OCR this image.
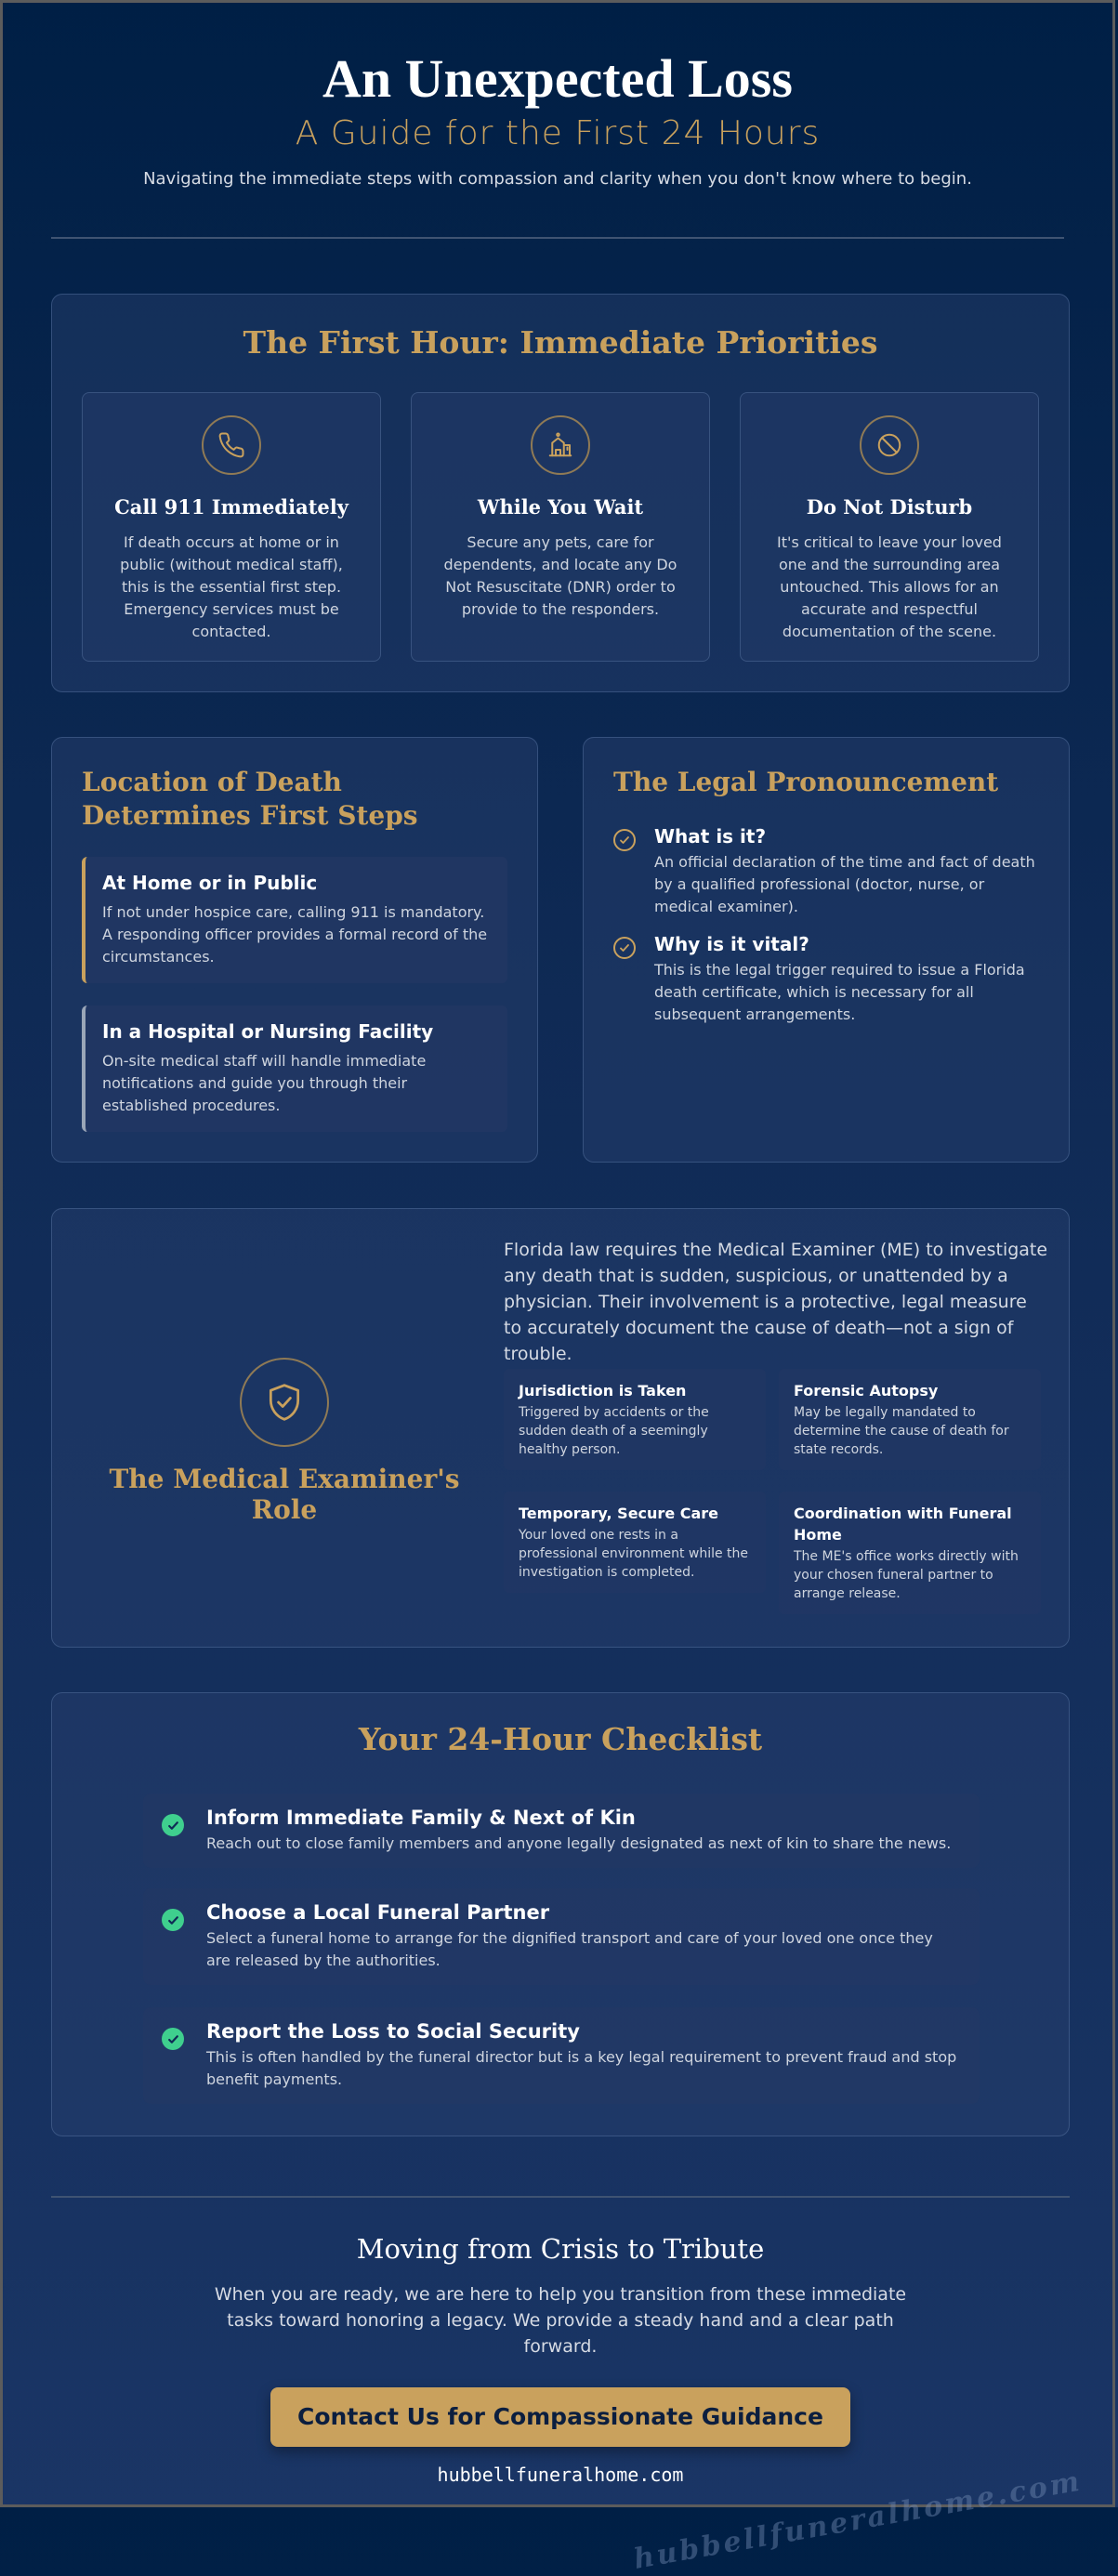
An Unexpected Loss
A Guide for the First 24 Hours
Navigating the immediate steps with compassion and clarity when you don't know where to begin.
The First Hour: Immediate Priorities
Call 911 Immediately

If death occurs at home or in public (without medical staff), this is the essential first step. Emergency services must be contacted.

While You Wait

Secure any pets, care for dependents, and locate any Do Not Resuscitate (DNR) order to provide to the responders.

Do Not Disturb

It's critical to leave your loved one and the surrounding area untouched. This allows for an accurate and respectful documentation of the scene.

Location of Death Determines First Steps
At Home or in Public

If not under hospice care, calling 911 is mandatory. A responding officer provides a formal record of the circumstances.

In a Hospital or Nursing Facility

On-site medical staff will handle immediate notifications and guide you through their established procedures.

The Legal Pronouncement
What is it?

An official declaration of the time and fact of death by a qualified professional (doctor, nurse, or medical examiner).

Why is it vital?

This is the legal trigger required to issue a Florida death certificate, which is necessary for all subsequent arrangements.

The Medical Examiner's Role

Florida law requires the Medical Examiner (ME) to investigate any death that is sudden, suspicious, or unattended by a physician. Their involvement is a protective, legal measure to accurately document the cause of death—not a sign of trouble.

Jurisdiction is Taken

Triggered by accidents or the sudden death of a seemingly healthy person.

Forensic Autopsy

May be legally mandated to determine the cause of death for state records.

Temporary, Secure Care

Your loved one rests in a professional environment while the investigation is completed.

Coordination with Funeral Home

The ME's office works directly with your chosen funeral partner to arrange release.

Your 24-Hour Checklist
Inform Immediate Family & Next of Kin

Reach out to close family members and anyone legally designated as next of kin to share the news.

Choose a Local Funeral Partner

Select a funeral home to arrange for the dignified transport and care of your loved one once they are released by the authorities.

Report the Loss to Social Security

This is often handled by the funeral director but is a key legal requirement to prevent fraud and stop benefit payments.

Moving from Crisis to Tribute

When you are ready, we are here to help you transition from these immediate tasks toward honoring a legacy. We provide a steady hand and a clear path forward.

Contact Us for Compassionate Guidance
hubbellfuneralhome.com
hubbellfuneralhome.com
